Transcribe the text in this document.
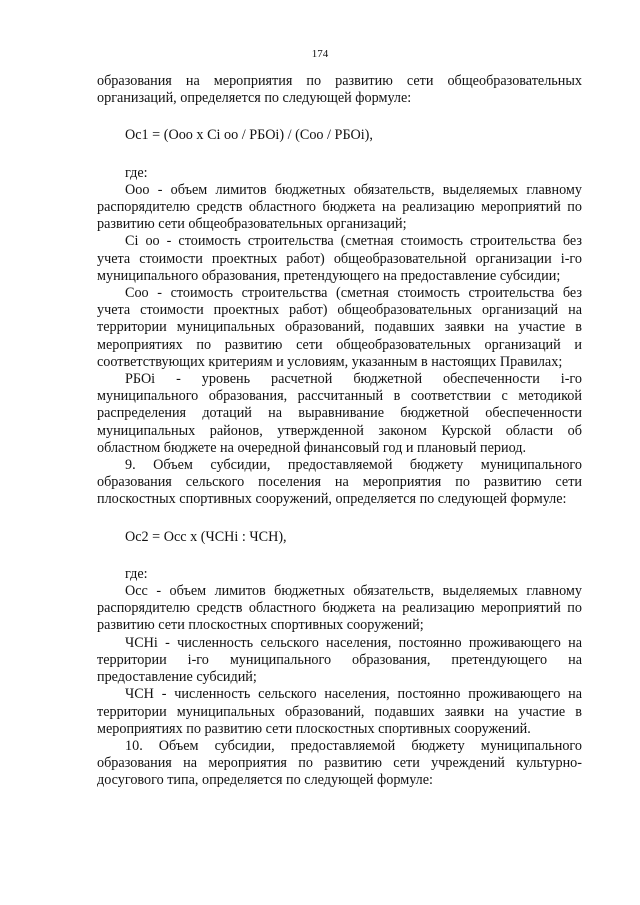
174

образования на мероприятия по развитию сети общеобразовательных организаций, определяется по следующей формуле:

Ос1 = (Ооо х Сi оо / РБОi) / (Соо / РБОi),

где:

Ооо - объем лимитов бюджетных обязательств, выделяемых главному распорядителю средств областного бюджета на реализацию мероприятий по развитию сети общеобразовательных организаций;

Сi оо - стоимость строительства (сметная стоимость строительства без учета стоимости проектных работ) общеобразовательной организации i-го муниципального образования, претендующего на предоставление субсидии;

Соо - стоимость строительства (сметная стоимость строительства без учета стоимости проектных работ) общеобразовательных организаций на территории муниципальных образований, подавших заявки на участие в мероприятиях по развитию сети общеобразовательных организаций и соответствующих критериям и условиям, указанным в настоящих Правилах;

РБОi - уровень расчетной бюджетной обеспеченности i-го муниципального образования, рассчитанный в соответствии с методикой распределения дотаций на выравнивание бюджетной обеспеченности муниципальных районов, утвержденной законом Курской области об областном бюджете на очередной финансовый год и плановый период.

9. Объем субсидии, предоставляемой бюджету муниципального образования сельского поселения на мероприятия по развитию сети плоскостных спортивных сооружений, определяется по следующей формуле:

Ос2 = Осс х (ЧСНi : ЧСН),

где:

Осс - объем лимитов бюджетных обязательств, выделяемых главному распорядителю средств областного бюджета на реализацию мероприятий по развитию сети плоскостных спортивных сооружений;

ЧСНi - численность сельского населения, постоянно проживающего на территории i-го муниципального образования, претендующего на предоставление субсидий;

ЧСН - численность сельского населения, постоянно проживающего на территории муниципальных образований, подавших заявки на участие в мероприятиях по развитию сети плоскостных спортивных сооружений.

10. Объем субсидии, предоставляемой бюджету муниципального образования на мероприятия по развитию сети учреждений культурно-досугового типа, определяется по следующей формуле:
